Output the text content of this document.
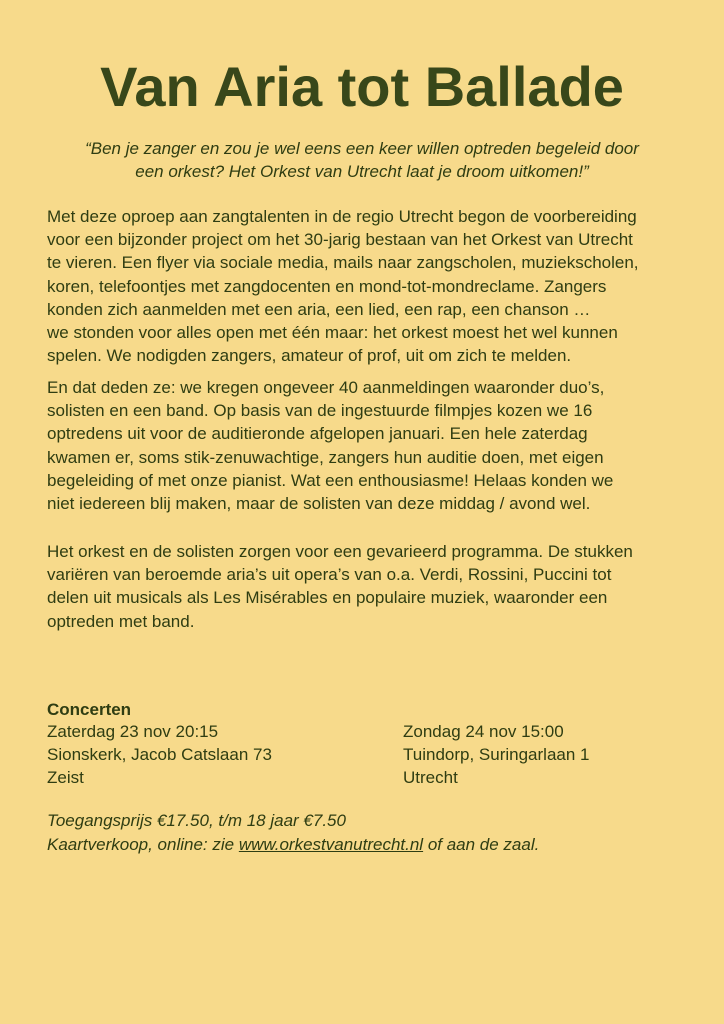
Van Aria tot Ballade
“Ben je zanger en zou je wel eens een keer willen optreden begeleid door
een orkest? Het Orkest van Utrecht laat je droom uitkomen!”
Met deze oproep aan zangtalenten in de regio Utrecht begon de voorbereiding
voor een bijzonder project om het 30-jarig bestaan van het Orkest van Utrecht
te vieren. Een flyer via sociale media, mails naar zangscholen, muziekscholen,
koren, telefoontjes met zangdocenten en mond-tot-mondreclame. Zangers
konden zich aanmelden met een aria, een lied, een rap, een chanson …
we stonden voor alles open met één maar: het orkest moest het wel kunnen
spelen. We nodigden zangers, amateur of prof, uit om zich te melden.
En dat deden ze: we kregen ongeveer 40 aanmeldingen waaronder duo’s,
solisten en een band. Op basis van de ingestuurde filmpjes kozen we 16
optredens uit voor de auditieronde afgelopen januari. Een hele zaterdag
kwamen er, soms stik-zenuwachtige, zangers hun auditie doen, met eigen
begeleiding of met onze pianist. Wat een enthousiasme! Helaas konden we
niet iedereen blij maken, maar de solisten van deze middag / avond wel.
Het orkest en de solisten zorgen voor een gevarieerd programma. De stukken
variëren van beroemde aria’s uit opera’s van o.a. Verdi, Rossini, Puccini tot
delen uit musicals als Les Misérables en populaire muziek, waaronder een
optreden met band.
Concerten
Zaterdag 23 nov 20:15
Sionskerk, Jacob Catslaan 73
Zeist
Zondag 24 nov 15:00
Tuindorp, Suringarlaan 1
Utrecht
Toegangsprijs €17.50, t/m 18 jaar €7.50
Kaartverkoop, online: zie www.orkestvanutrecht.nl of aan de zaal.
